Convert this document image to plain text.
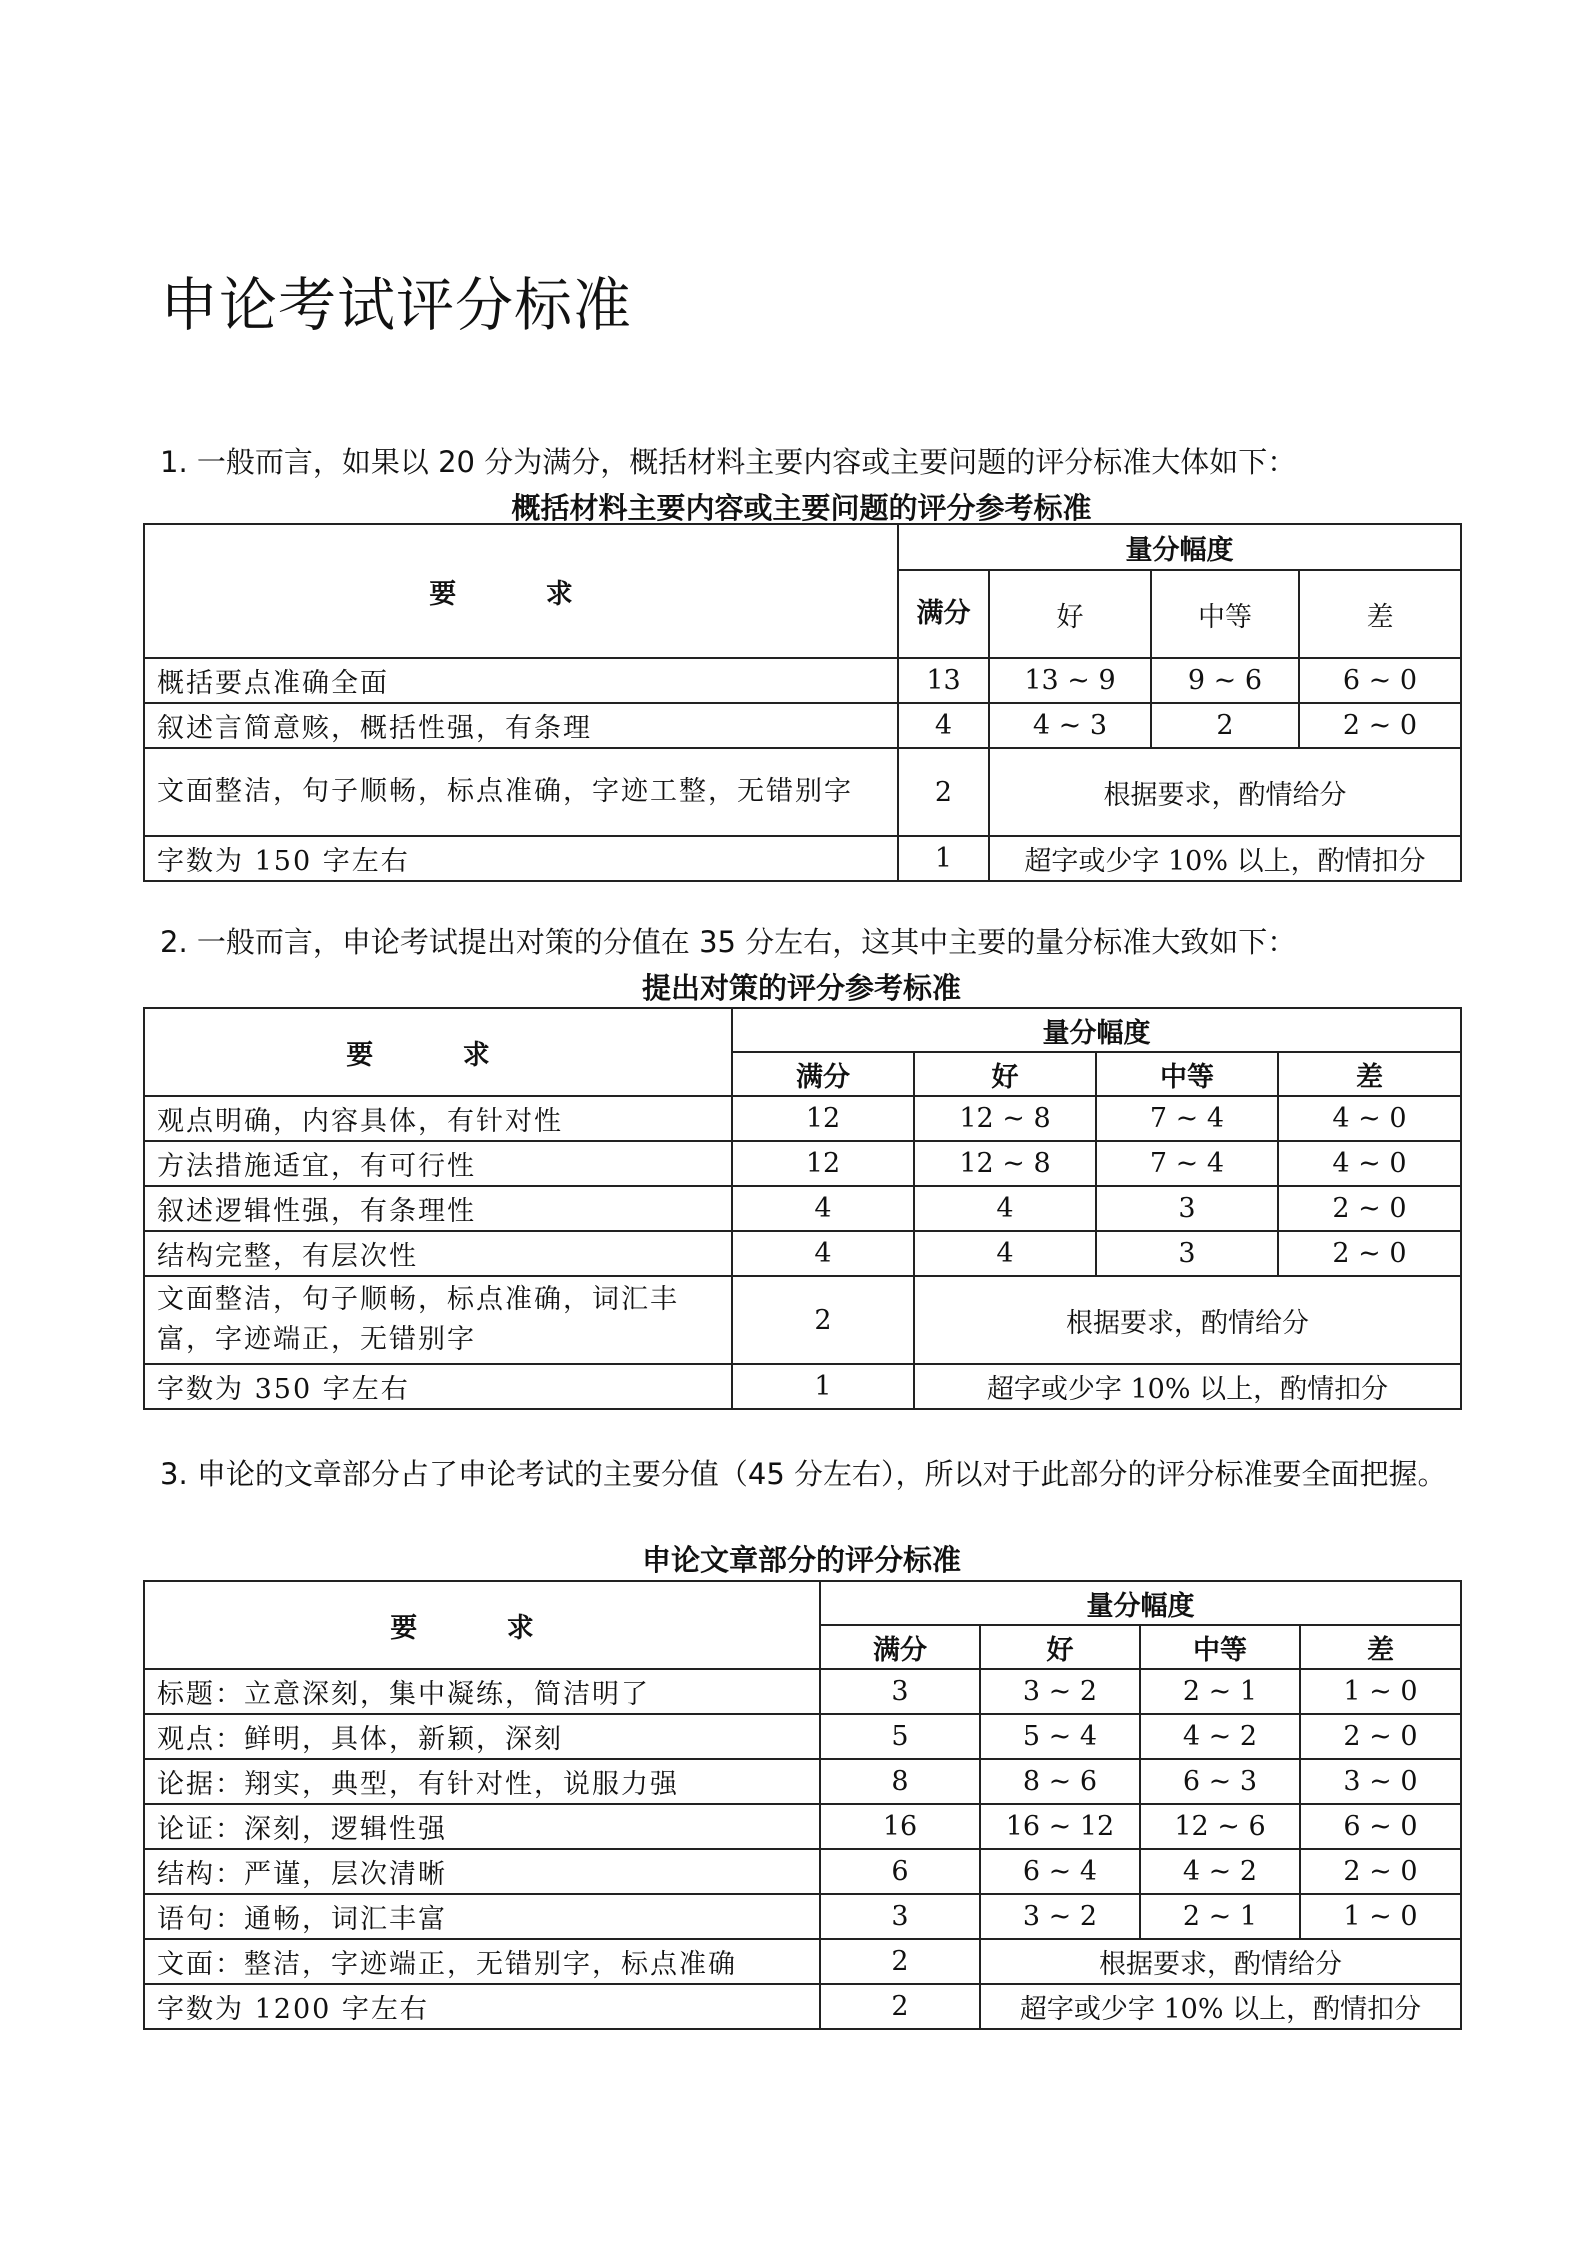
申论考试评分标准
1. 一般而言，如果以 20 分为满分，概括材料主要内容或主要问题的评分标准大体如下：
概括材料主要内容或主要问题的评分参考标准
要 求	量分幅度			
	满分	好	中等	差
概括要点准确全面	13	13 ~ 9	9 ~ 6	6 ~ 0
叙述言简意赅，概括性强，有条理	4	4 ~ 3	2	2 ~ 0
文面整洁，句子顺畅，标点准确，字迹工整，无错别字	2	根据要求，酌情给分		
字数为 150 字左右	1	超字或少字 10% 以上，酌情扣分		
2. 一般而言，申论考试提出对策的分值在 35 分左右，这其中主要的量分标准大致如下：
提出对策的评分参考标准
要 求	量分幅度			
	满分	好	中等	差
观点明确，内容具体，有针对性	12	12 ~ 8	7 ~ 4	4 ~ 0
方法措施适宜，有可行性	12	12 ~ 8	7 ~ 4	4 ~ 0
叙述逻辑性强，有条理性	4	4	3	2 ~ 0
结构完整，有层次性	4	4	3	2 ~ 0
文面整洁，句子顺畅，标点准确，词汇丰富，字迹端正，无错别字	2	根据要求，酌情给分		
字数为 350 字左右	1	超字或少字 10% 以上，酌情扣分		
3. 申论的文章部分占了申论考试的主要分值（45 分左右），所以对于此部分的评分标准要全面把握。
申论文章部分的评分标准
要 求	量分幅度			
	满分	好	中等	差
标题：立意深刻，集中凝练，简洁明了	3	3 ~ 2	2 ~ 1	1 ~ 0
观点：鲜明，具体，新颖，深刻	5	5 ~ 4	4 ~ 2	2 ~ 0
论据：翔实，典型，有针对性，说服力强	8	8 ~ 6	6 ~ 3	3 ~ 0
论证：深刻，逻辑性强	16	16 ~ 12	12 ~ 6	6 ~ 0
结构：严谨，层次清晰	6	6 ~ 4	4 ~ 2	2 ~ 0
语句：通畅，词汇丰富	3	3 ~ 2	2 ~ 1	1 ~ 0
文面：整洁，字迹端正，无错别字，标点准确	2	根据要求，酌情给分		
字数为 1200 字左右	2	超字或少字 10% 以上，酌情扣分		
